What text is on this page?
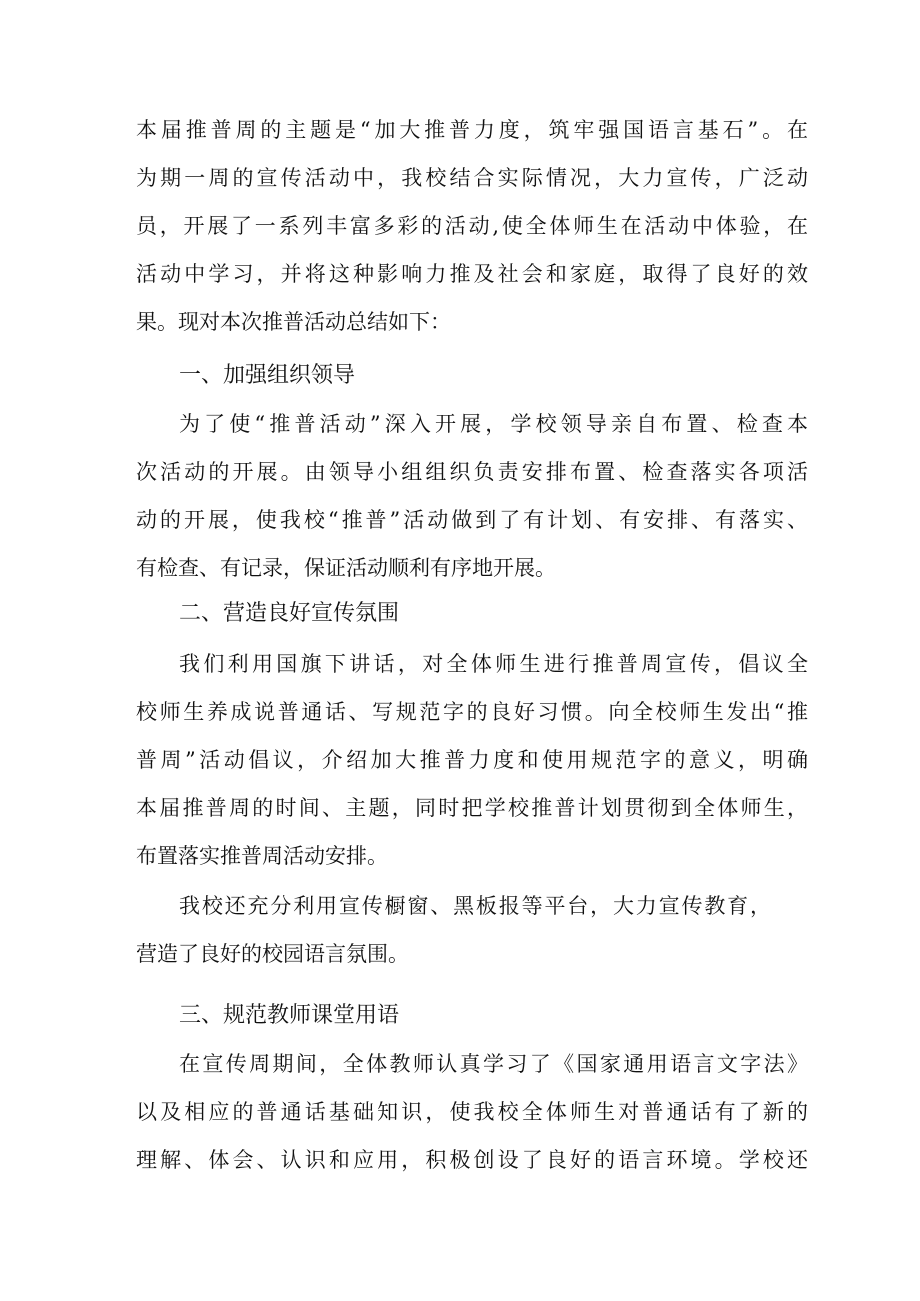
本届推普周的主题是“加大推普力度，筑牢强国语言基石”。在
为期一周的宣传活动中，我校结合实际情况，大力宣传，广泛动
员，开展了一系列丰富多彩的活动,使全体师生在活动中体验，在
活动中学习，并将这种影响力推及社会和家庭，取得了良好的效
果。现对本次推普活动总结如下：
一、加强组织领导
为了使“推普活动”深入开展，学校领导亲自布置、检查本
次活动的开展。由领导小组组织负责安排布置、检查落实各项活
动的开展，使我校“推普”活动做到了有计划、有安排、有落实、
有检查、有记录，保证活动顺利有序地开展。
二、营造良好宣传氛围
我们利用国旗下讲话，对全体师生进行推普周宣传，倡议全
校师生养成说普通话、写规范字的良好习惯。向全校师生发出“推
普周”活动倡议，介绍加大推普力度和使用规范字的意义，明确
本届推普周的时间、主题，同时把学校推普计划贯彻到全体师生，
布置落实推普周活动安排。
我校还充分利用宣传橱窗、黑板报等平台，大力宣传教育，
营造了良好的校园语言氛围。
三、规范教师课堂用语
在宣传周期间，全体教师认真学习了《国家通用语言文字法》
以及相应的普通话基础知识，使我校全体师生对普通话有了新的
理解、体会、认识和应用，积极创设了良好的语言环境。学校还
